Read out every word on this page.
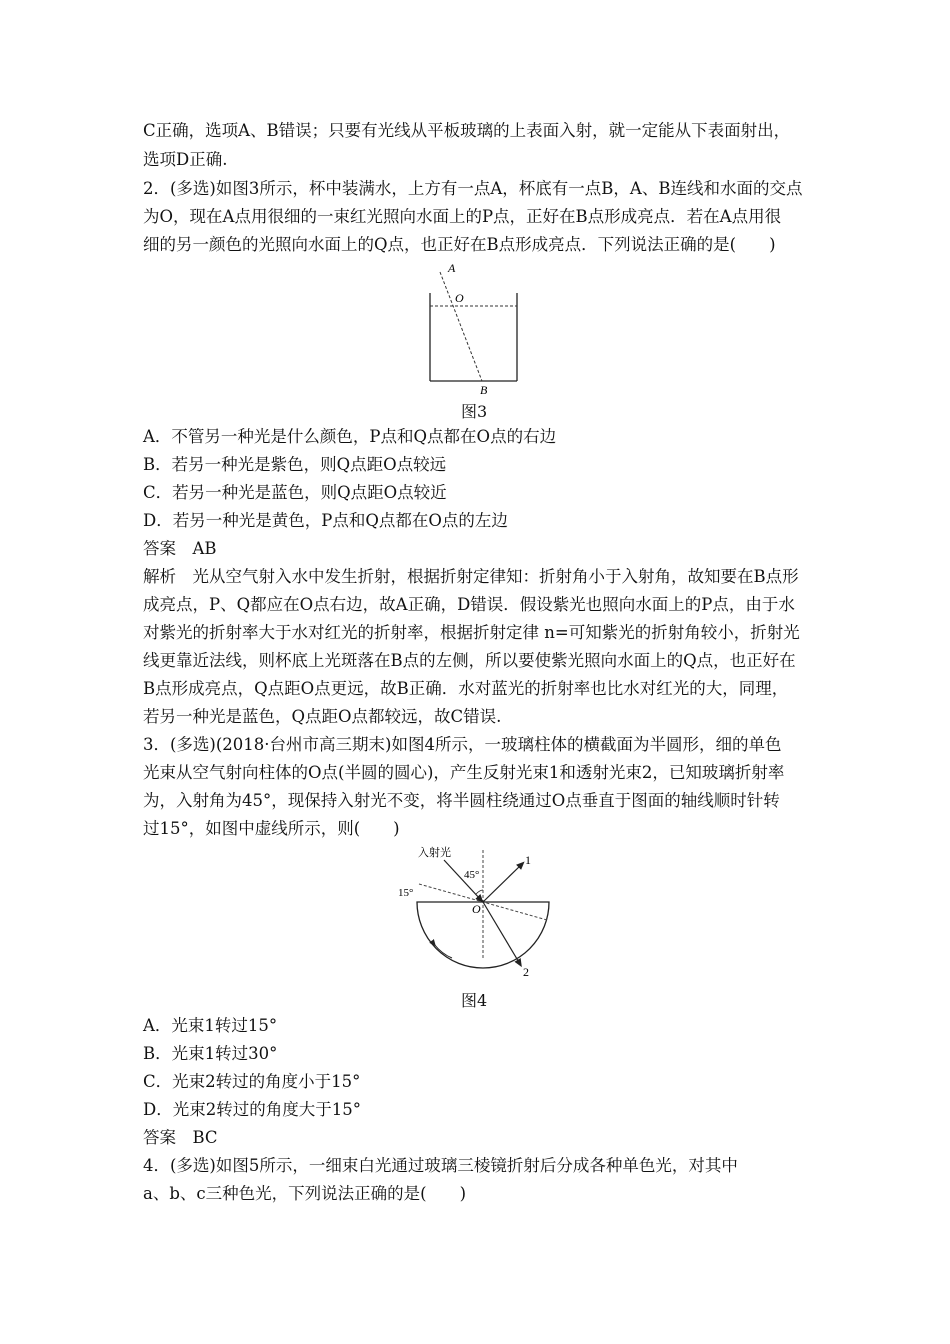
C正确，选项A、B错误；只要有光线从平板玻璃的上表面入射，就一定能从下表面射出，
选项D正确.
2．(多选)如图3所示，杯中装满水，上方有一点A，杯底有一点B，A、B连线和水面的交点
为O，现在A点用很细的一束红光照向水面上的P点，正好在B点形成亮点．若在A点用很
细的另一颜色的光照向水面上的Q点，也正好在B点形成亮点．下列说法正确的是(　　)
A
O
B
图3
A．不管另一种光是什么颜色，P点和Q点都在O点的右边
B．若另一种光是紫色，则Q点距O点较远
C．若另一种光是蓝色，则Q点距O点较近
D．若另一种光是黄色，P点和Q点都在O点的左边
答案　AB
解析　光从空气射入水中发生折射，根据折射定律知：折射角小于入射角，故知要在B点形
成亮点，P、Q都应在O点右边，故A正确，D错误．假设紫光也照向水面上的P点，由于水
对紫光的折射率大于水对红光的折射率，根据折射定律 n=可知紫光的折射角较小，折射光
线更靠近法线，则杯底上光斑落在B点的左侧，所以要使紫光照向水面上的Q点，也正好在
B点形成亮点，Q点距O点更远，故B正确．水对蓝光的折射率也比水对红光的大，同理，
若另一种光是蓝色，Q点距O点都较远，故C错误.
3．(多选)(2018·台州市高三期末)如图4所示，一玻璃柱体的横截面为半圆形，细的单色
光束从空气射向柱体的O点(半圆的圆心)，产生反射光束1和透射光束2，已知玻璃折射率
为，入射角为45°，现保持入射光不变，将半圆柱绕通过O点垂直于图面的轴线顺时针转
过15°，如图中虚线所示，则(　　)
入射光
45°
15°
O
1
2
图4
A．光束1转过15°
B．光束1转过30°
C．光束2转过的角度小于15°
D．光束2转过的角度大于15°
答案　BC
4．(多选)如图5所示，一细束白光通过玻璃三棱镜折射后分成各种单色光，对其中
a、b、c三种色光，下列说法正确的是(　　)
